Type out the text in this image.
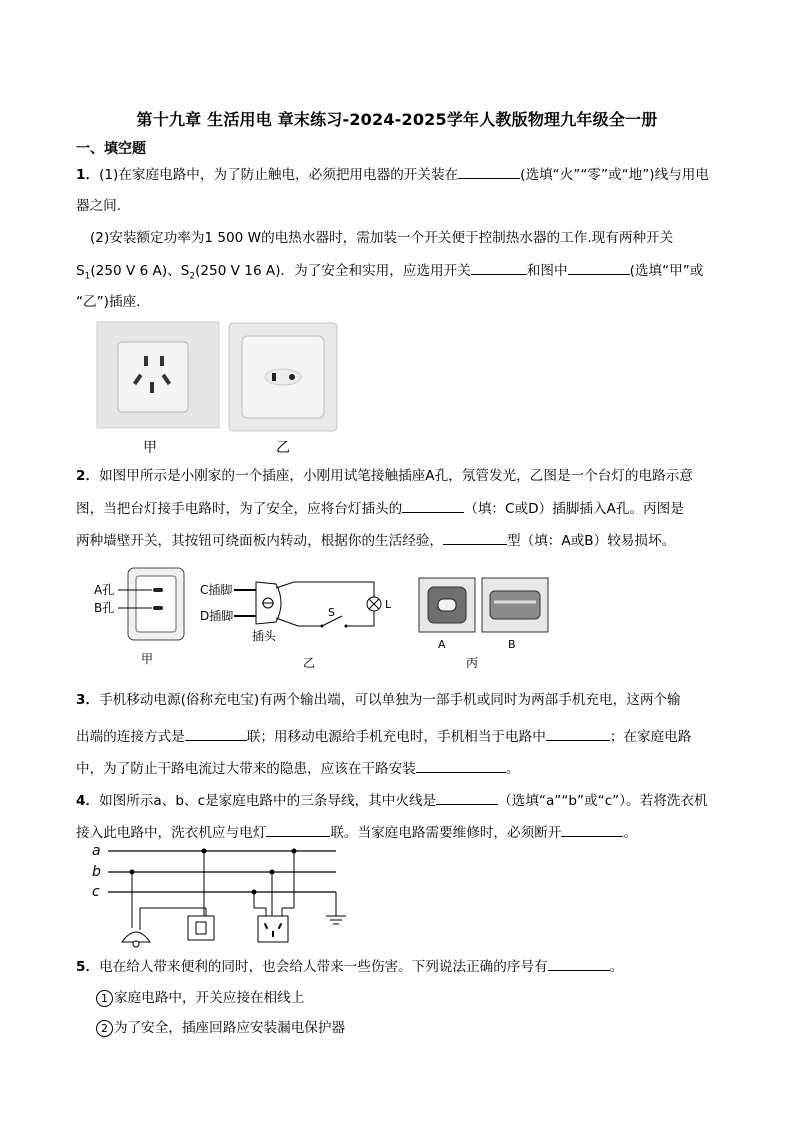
第十九章 生活用电 章末练习-2024-2025学年人教版物理九年级全一册
一、填空题
1．(1)在家庭电路中，为了防止触电，必须把用电器的开关装在	(选填“火”“零”或“地”)线与用电
器之间.
(2)安装额定功率为1 500 W的电热水器时，需加装一个开关便于控制热水器的工作.现有两种开关
$S_1(250$ V 6 A)、$S_2(250$ V 16 A)．为了安全和实用，应选用开关	和图中	(选填“甲”或
“乙”)插座.
甲	乙
2．如图甲所示是小刚家的一个插座，小刚用试笔接触插座A孔，氖管发光，乙图是一个台灯的电路示意
图，当把台灯接手电路时，为了安全，应将台灯插头的	（填：C或D）插脚插入A孔。丙图是
两种墙壁开关，其按钮可绕面板内转动，根据你的生活经验，	型（填：A或B）较易损坏。
A孔
B孔
甲
C插脚
D插脚	S
L
插头
乙
A	B
丙
3．手机移动电源(俗称充电宝)有两个输出端，可以单独为一部手机或同时为两部手机充电，这两个输
出端的连接方式是	联；用移动电源给手机充电时，手机相当于电路中	；在家庭电路
中，为了防止干路电流过大带来的隐患，应该在干路安装	。
4．如图所示a、b、c是家庭电路中的三条导线，其中火线是	（选填“a”“b”或“c”）。若将洗衣机
接入此电路中，洗衣机应与电灯	联。当家庭电路需要维修时，必须断开	。
a
b
c
5．电在给人带来便利的同时，也会给人带来一些伤害。下列说法正确的序号有	。
1 家庭电路中，开关应接在相线上
2 为了安全，插座回路应安装漏电保护器
